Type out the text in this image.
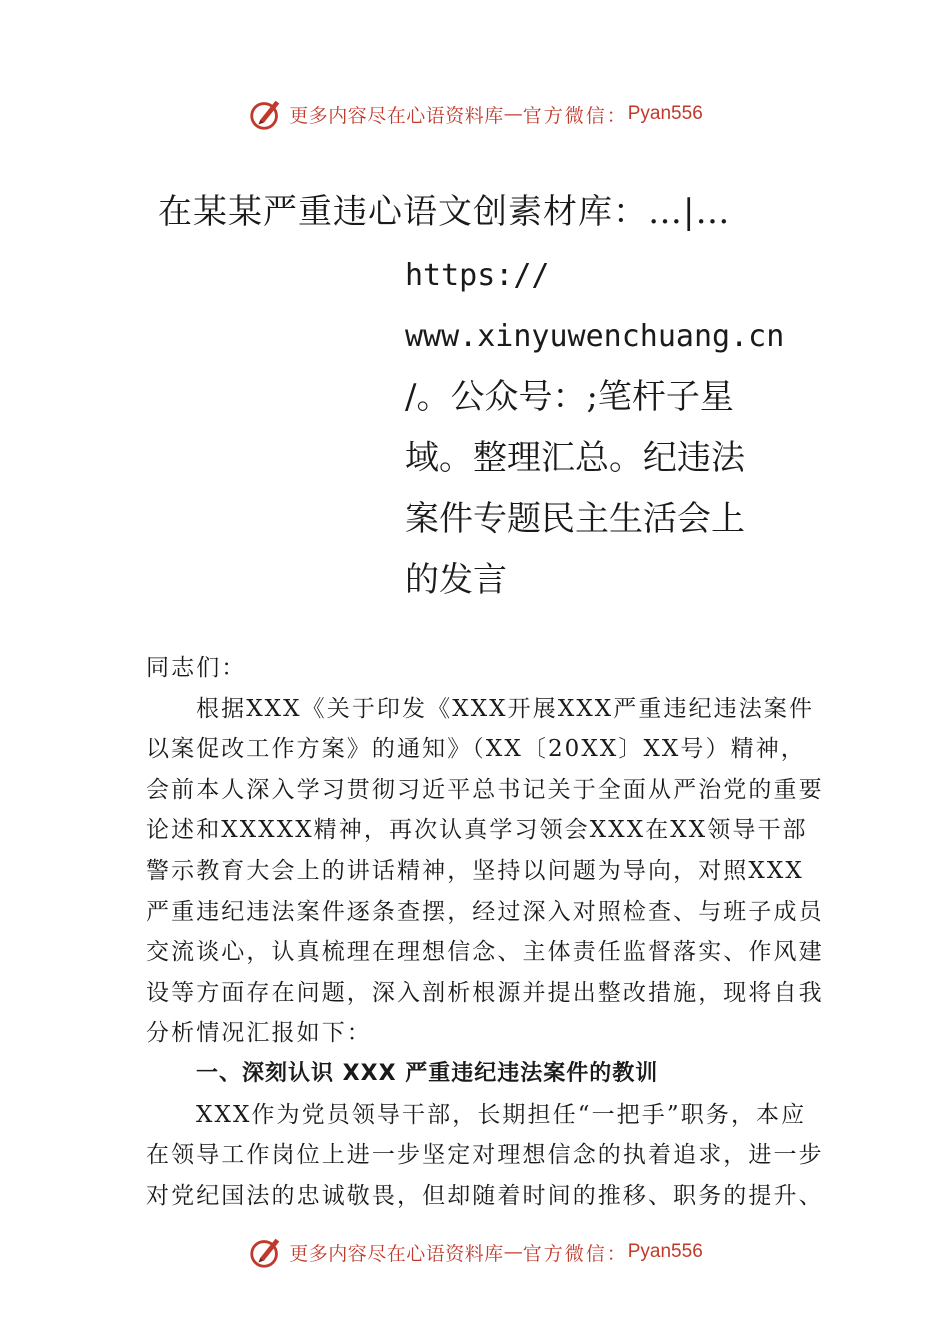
更多内容尽在心语资料库 — 官方微信： Pyan556
在某某严重违心语文创素材库：…|…
https://
www.xinyuwenchuang.cn
/。公众号：;笔杆子星
域。整理汇总。纪违法
案件专题民主生活会上
的发言

同志们：

根据XXX《关于印发《XXX开展XXX严重违纪违法案件以案促改工作方案》的通知》（XX〔20XX〕XX号）精神，会前本人深入学习贯彻习近平总书记关于全面从严治党的重要论述和XXXXX精神，再次认真学习领会XXX在XX领导干部警示教育大会上的讲话精神，坚持以问题为导向，对照XXX严重违纪违法案件逐条查摆，经过深入对照检查、与班子成员交流谈心，认真梳理在理想信念、主体责任监督落实、作风建设等方面存在问题，深入剖析根源并提出整改措施，现将自我分析情况汇报如下：

一、深刻认识 XXX 严重违纪违法案件的教训

XXX作为党员领导干部，长期担任“一把手”职务，本应在领导工作岗位上进一步坚定对理想信念的执着追求，进一步对党纪国法的忠诚敬畏，但却随着时间的推移、职务的提升、

更多内容尽在心语资料库 — 官方微信： Pyan556
